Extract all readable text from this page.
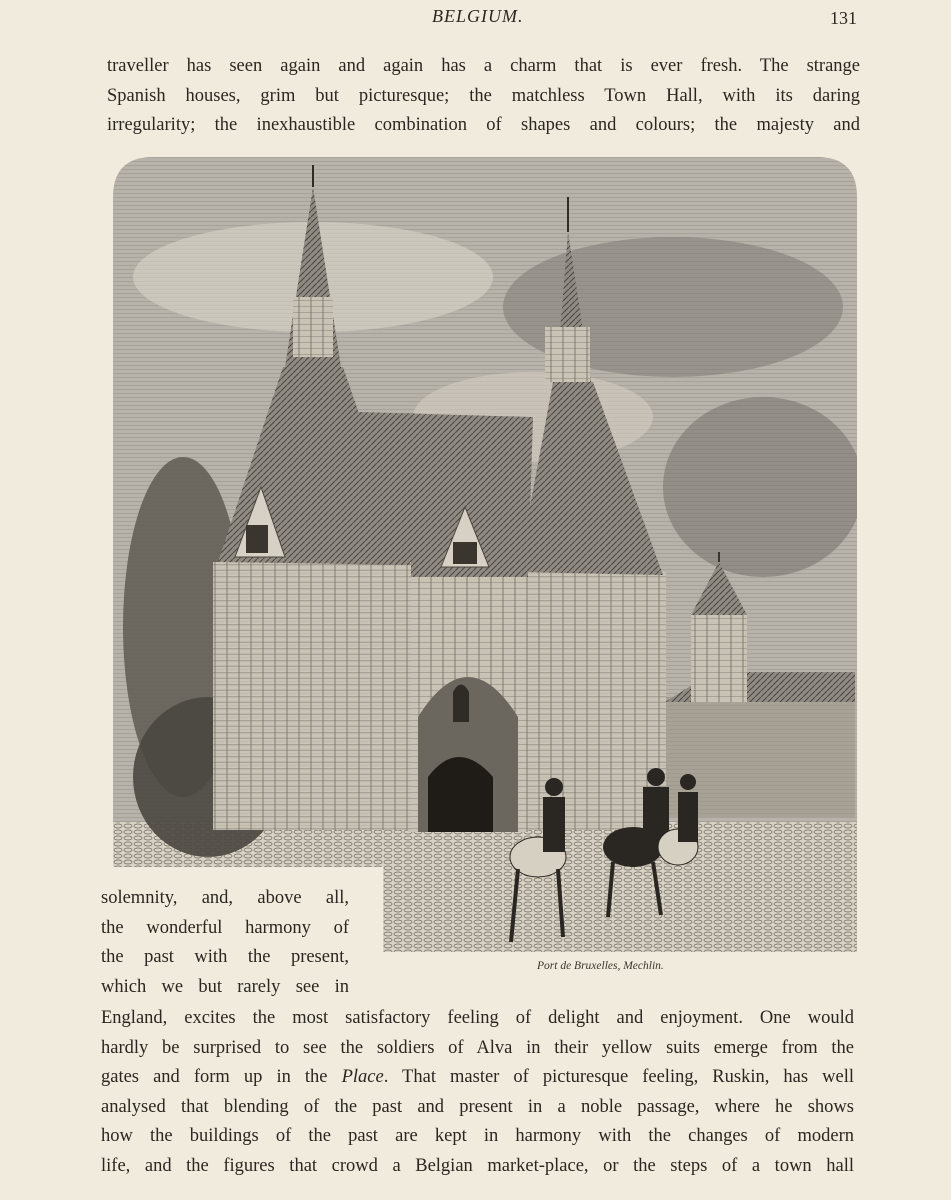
BELGIUM.	131

traveller has seen again and again has a charm that is ever fresh. The strange
Spanish houses, grim but picturesque; the matchless Town Hall, with its daring
irregularity; the inexhaustible combination of shapes and colours; the majesty and

solemnity, and, above all,
the wonderful harmony of
the past with the present,
which we but rarely see in

Port de Bruxelles, Mechlin.

England, excites the most satisfactory feeling of delight and enjoyment. One would
hardly be surprised to see the soldiers of Alva in their yellow suits emerge from the
gates and form up in the Place. That master of picturesque feeling, Ruskin, has well
analysed that blending of the past and present in a noble passage, where he shows
how the buildings of the past are kept in harmony with the changes of modern
life, and the figures that crowd a Belgian market-place, or the steps of a town hall
